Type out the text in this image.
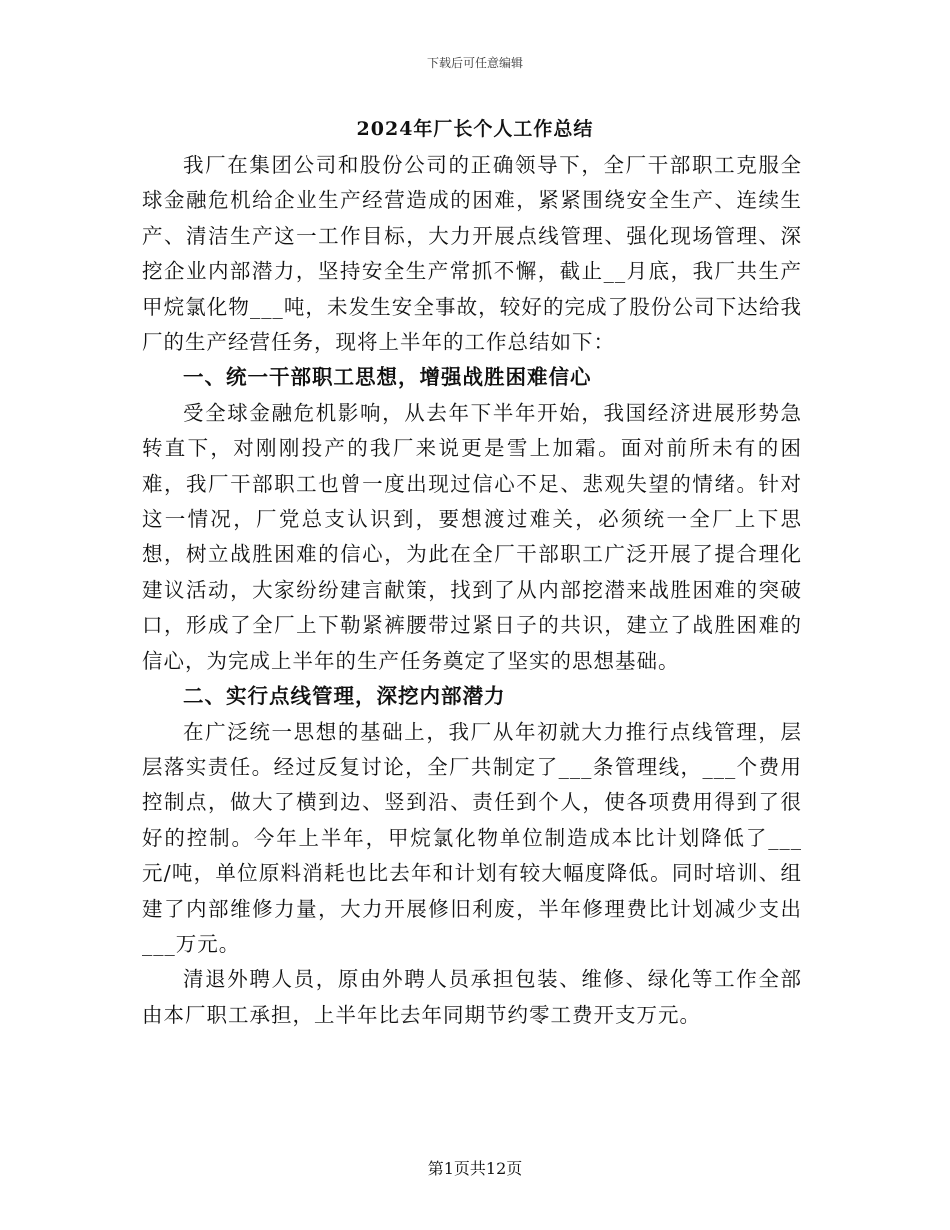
下载后可任意编辑
2024年厂长个人工作总结

我厂在集团公司和股份公司的正确领导下，全厂干部职工克服全球金融危机给企业生产经营造成的困难，紧紧围绕安全生产、连续生产、清洁生产这一工作目标，大力开展点线管理、强化现场管理、深挖企业内部潜力，坚持安全生产常抓不懈，截止__月底，我厂共生产甲烷氯化物___吨，未发生安全事故，较好的完成了股份公司下达给我厂的生产经营任务，现将上半年的工作总结如下：

一、统一干部职工思想，增强战胜困难信心

受全球金融危机影响，从去年下半年开始，我国经济进展形势急转直下，对刚刚投产的我厂来说更是雪上加霜。面对前所未有的困难，我厂干部职工也曾一度出现过信心不足、悲观失望的情绪。针对这一情况，厂党总支认识到，要想渡过难关，必须统一全厂上下思想，树立战胜困难的信心，为此在全厂干部职工广泛开展了提合理化建议活动，大家纷纷建言献策，找到了从内部挖潜来战胜困难的突破口，形成了全厂上下勒紧裤腰带过紧日子的共识，建立了战胜困难的信心，为完成上半年的生产任务奠定了坚实的思想基础。

二、实行点线管理，深挖内部潜力

在广泛统一思想的基础上，我厂从年初就大力推行点线管理，层层落实责任。经过反复讨论，全厂共制定了___条管理线，___个费用控制点，做大了横到边、竖到沿、责任到个人，使各项费用得到了很好的控制。今年上半年，甲烷氯化物单位制造成本比计划降低了___元/吨，单位原料消耗也比去年和计划有较大幅度降低。同时培训、组建了内部维修力量，大力开展修旧利废，半年修理费比计划减少支出___万元。

清退外聘人员，原由外聘人员承担包装、维修、绿化等工作全部由本厂职工承担，上半年比去年同期节约零工费开支万元。

第1页共12页
